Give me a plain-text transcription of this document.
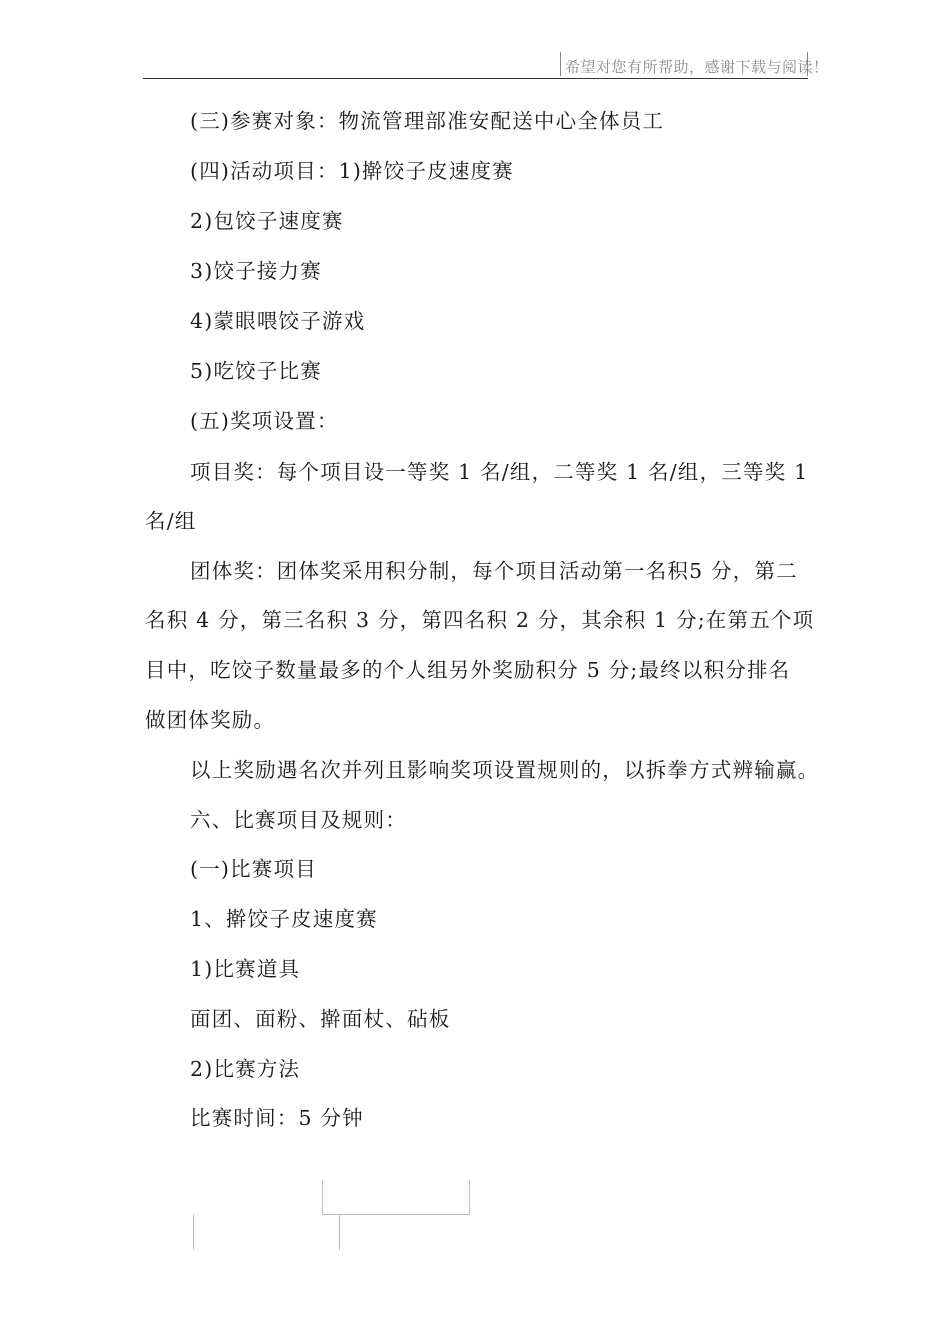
希望对您有所帮助，感谢下载与阅读！
(三)参赛对象：物流管理部准安配送中心全体员工
(四)活动项目：1)擀饺子皮速度赛
2)包饺子速度赛
3)饺子接力赛
4)蒙眼喂饺子游戏
5)吃饺子比赛
(五)奖项设置：
项目奖：每个项目设一等奖 1 名/组，二等奖 1 名/组，三等奖 1
名/组
团体奖：团体奖采用积分制，每个项目活动第一名积5 分，第二
名积 4 分，第三名积 3 分，第四名积 2 分，其余积 1 分;在第五个项
目中，吃饺子数量最多的个人组另外奖励积分 5 分;最终以积分排名
做团体奖励。
以上奖励遇名次并列且影响奖项设置规则的，以拆拳方式辨输赢。
六、比赛项目及规则：
(一)比赛项目
1、擀饺子皮速度赛
1)比赛道具
面团、面粉、擀面杖、砧板
2)比赛方法
比赛时间：5 分钟
